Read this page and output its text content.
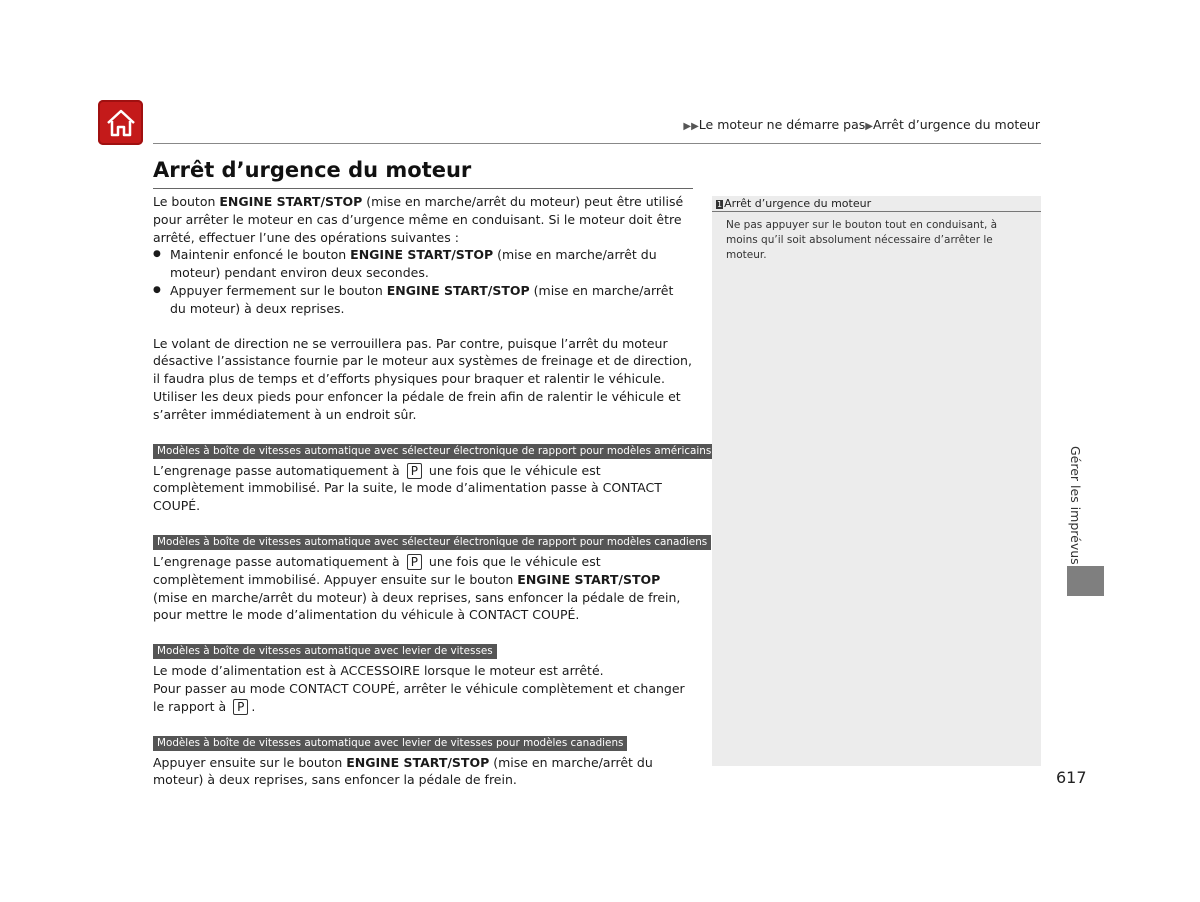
▶▶Le moteur ne démarre pas▶Arrêt d’urgence du moteur
Arrêt d’urgence du moteur

Le bouton ENGINE START/STOP (mise en marche/arrêt du moteur) peut être utilisé pour arrêter le moteur en cas d’urgence même en conduisant. Si le moteur doit être arrêté, effectuer l’une des opérations suivantes :

● Maintenir enfoncé le bouton ENGINE START/STOP (mise en marche/arrêt du moteur) pendant environ deux secondes.
● Appuyer fermement sur le bouton ENGINE START/STOP (mise en marche/arrêt du moteur) à deux reprises.

Le volant de direction ne se verrouillera pas. Par contre, puisque l’arrêt du moteur désactive l’assistance fournie par le moteur aux systèmes de freinage et de direction, il faudra plus de temps et d’efforts physiques pour braquer et ralentir le véhicule. Utiliser les deux pieds pour enfoncer la pédale de frein afin de ralentir le véhicule et s’arrêter immédiatement à un endroit sûr.

Modèles à boîte de vitesses automatique avec sélecteur électronique de rapport pour modèles américains

L’engrenage passe automatiquement à P une fois que le véhicule est complètement immobilisé. Par la suite, le mode d’alimentation passe à CONTACT COUPÉ.

Modèles à boîte de vitesses automatique avec sélecteur électronique de rapport pour modèles canadiens

L’engrenage passe automatiquement à P une fois que le véhicule est complètement immobilisé. Appuyer ensuite sur le bouton ENGINE START/STOP (mise en marche/arrêt du moteur) à deux reprises, sans enfoncer la pédale de frein, pour mettre le mode d’alimentation du véhicule à CONTACT COUPÉ.

Modèles à boîte de vitesses automatique avec levier de vitesses

Le mode d’alimentation est à ACCESSOIRE lorsque le moteur est arrêté.

Pour passer au mode CONTACT COUPÉ, arrêter le véhicule complètement et changer le rapport à P .

Modèles à boîte de vitesses automatique avec levier de vitesses pour modèles canadiens

Appuyer ensuite sur le bouton ENGINE START/STOP (mise en marche/arrêt du moteur) à deux reprises, sans enfoncer la pédale de frein.

1 Arrêt d’urgence du moteur
Ne pas appuyer sur le bouton tout en conduisant, à moins qu’il soit absolument nécessaire d’arrêter le moteur.
Gérer les imprévus
617
